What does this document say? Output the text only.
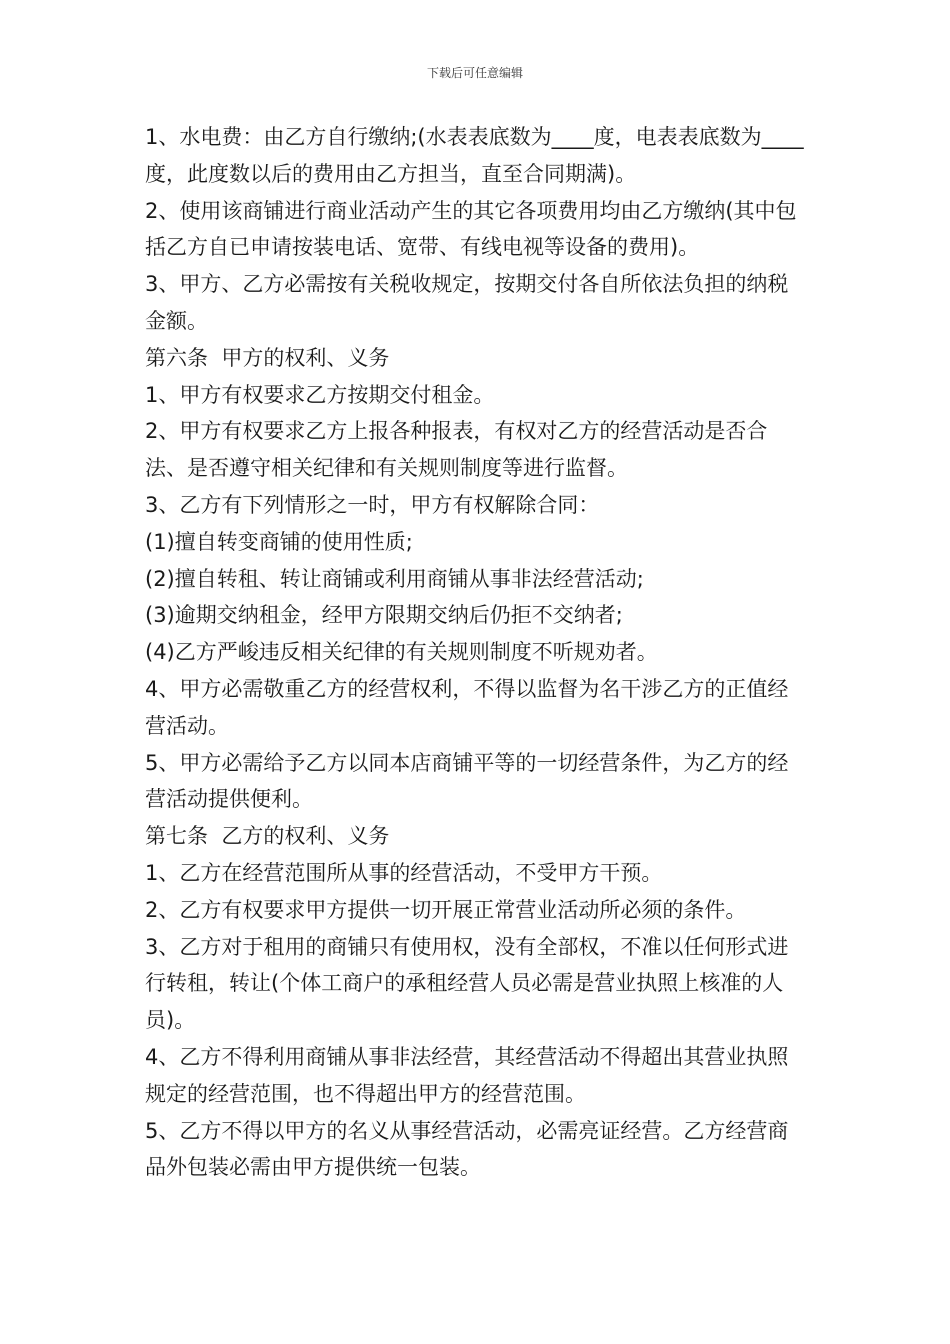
下载后可任意编辑

1、水电费：由乙方自行缴纳;(水表表底数为____度，电表表底数为____度，此度数以后的费用由乙方担当，直至合同期满)。

2、使用该商铺进行商业活动产生的其它各项费用均由乙方缴纳(其中包括乙方自已申请按装电话、宽带、有线电视等设备的费用)。

3、甲方、乙方必需按有关税收规定，按期交付各自所依法负担的纳税金额。

第六条  甲方的权利、义务

1、甲方有权要求乙方按期交付租金。

2、甲方有权要求乙方上报各种报表，有权对乙方的经营活动是否合法、是否遵守相关纪律和有关规则制度等进行监督。

3、乙方有下列情形之一时，甲方有权解除合同：

(1)擅自转变商铺的使用性质;

(2)擅自转租、转让商铺或利用商铺从事非法经营活动;

(3)逾期交纳租金，经甲方限期交纳后仍拒不交纳者;

(4)乙方严峻违反相关纪律的有关规则制度不听规劝者。

4、甲方必需敬重乙方的经营权利，不得以监督为名干涉乙方的正值经营活动。

5、甲方必需给予乙方以同本店商铺平等的一切经营条件，为乙方的经营活动提供便利。

第七条  乙方的权利、义务

1、乙方在经营范围所从事的经营活动，不受甲方干预。

2、乙方有权要求甲方提供一切开展正常营业活动所必须的条件。

3、乙方对于租用的商铺只有使用权，没有全部权，不准以任何形式进行转租，转让(个体工商户的承租经营人员必需是营业执照上核准的人员)。

4、乙方不得利用商铺从事非法经营，其经营活动不得超出其营业执照规定的经营范围，也不得超出甲方的经营范围。

5、乙方不得以甲方的名义从事经营活动，必需亮证经营。乙方经营商品外包装必需由甲方提供统一包装。
